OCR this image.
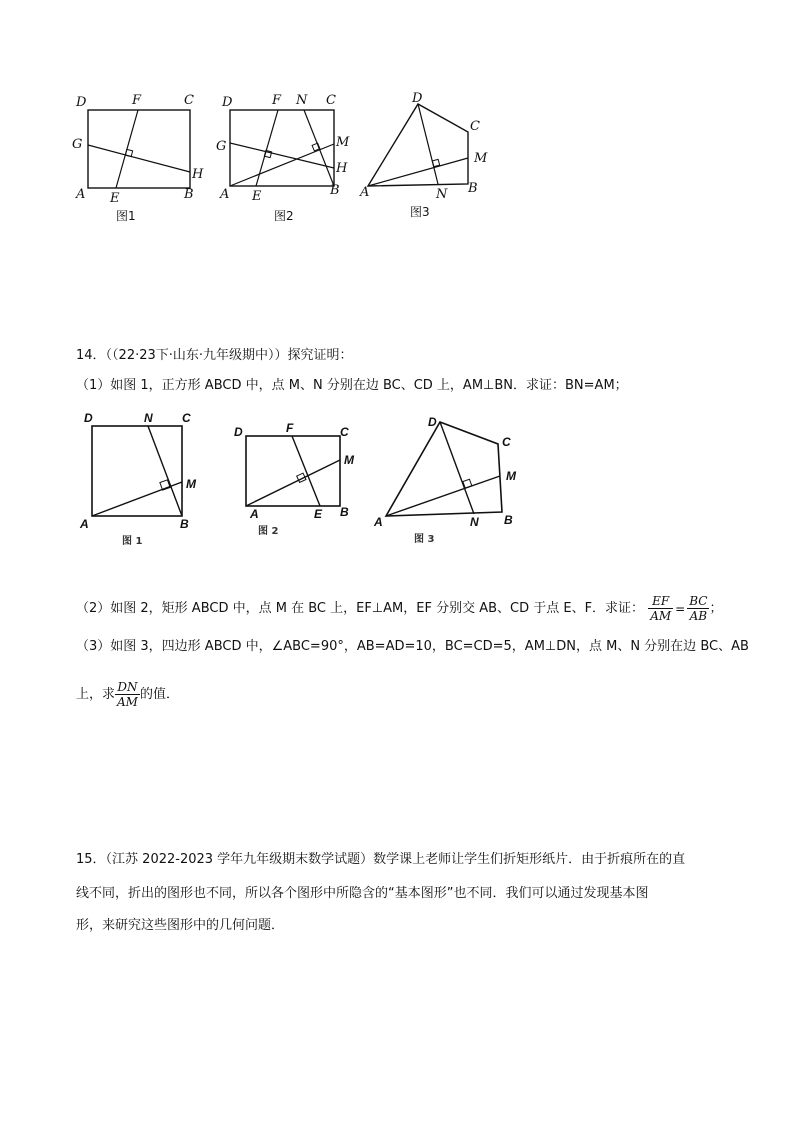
D	F	C
G
A E	B
H
图1
D	F N C
M
G
H
A E	B
图2
D
C
M
A	N B
图3
14．（（22·23下·山东·九年级期中））探究证明：
（1）如图 1，正方形 ABCD 中，点 M、N 分别在边 BC、CD 上，AM⊥BN．求证：BN=AM；
D	N C
M
A	B
图 1
D	F	C
M
A	E B
图 2
D
C
M
A	N B
图 3
（2）如图 2，矩形 ABCD 中，点 M 在 BC 上，EF⊥AM，EF 分别交 AB、CD 于点 E、F．求证： $\frac{EF}{AM} = \frac{BC}{AB}$ ；
（3）如图 3，四边形 ABCD 中，∠ABC=90°，AB=AD=10，BC=CD=5，AM⊥DN，点 M、N 分别在边 BC、AB
上，求 $\frac{DN}{AM}$ 的值．
15．（江苏 2022-2023 学年九年级期末数学试题）数学课上老师让学生们折矩形纸片．由于折痕所在的直
线不同，折出的图形也不同，所以各个图形中所隐含的“基本图形”也不同．我们可以通过发现基本图
形，来研究这些图形中的几何问题．
